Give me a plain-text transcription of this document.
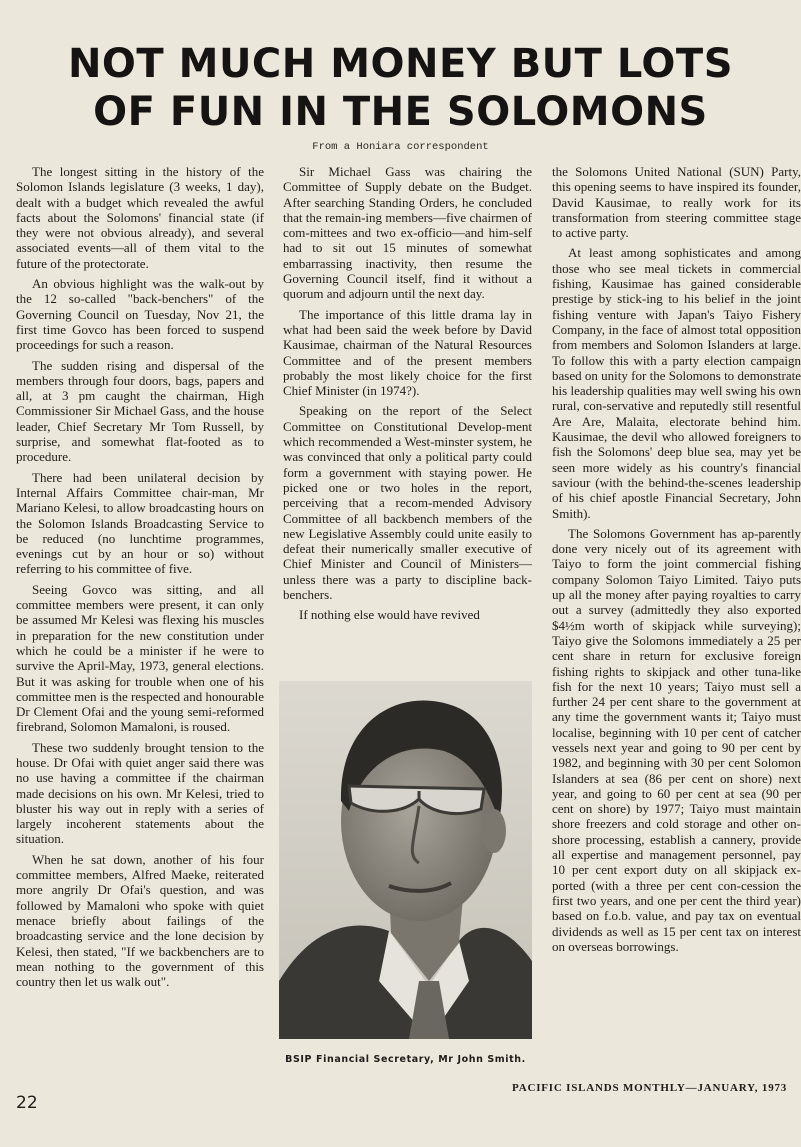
NOT MUCH MONEY BUT LOTS
OF FUN IN THE SOLOMONS
From a Honiara correspondent

The longest sitting in the history of the Solomon Islands legislature (3 weeks, 1 day), dealt with a budget which revealed the awful facts about the Solomons' financial state (if they were not obvious already), and several associated events—all of them vital to the future of the protectorate.

An obvious highlight was the walk-out by the 12 so-called "back-benchers" of the Governing Council on Tuesday, Nov 21, the first time Govco has been forced to suspend proceedings for such a reason.

The sudden rising and dispersal of the members through four doors, bags, papers and all, at 3 pm caught the chairman, High Commissioner Sir Michael Gass, and the house leader, Chief Secretary Mr Tom Russell, by surprise, and somewhat flat-footed as to procedure.

There had been unilateral decision by Internal Affairs Committee chair-man, Mr Mariano Kelesi, to allow broadcasting hours on the Solomon Islands Broadcasting Service to be reduced (no lunchtime programmes, evenings cut by an hour or so) without referring to his committee of five.

Seeing Govco was sitting, and all committee members were present, it can only be assumed Mr Kelesi was flexing his muscles in preparation for the new constitution under which he could be a minister if he were to survive the April-May, 1973, general elections. But it was asking for trouble when one of his committee men is the respected and honourable Dr Clement Ofai and the young semi-reformed firebrand, Solomon Mamaloni, is roused.

These two suddenly brought tension to the house. Dr Ofai with quiet anger said there was no use having a committee if the chairman made decisions on his own. Mr Kelesi, tried to bluster his way out in reply with a series of largely incoherent statements about the situation.

When he sat down, another of his four committee members, Alfred Maeke, reiterated more angrily Dr Ofai's question, and was followed by Mamaloni who spoke with quiet menace briefly about failings of the broadcasting service and the lone decision by Kelesi, then stated, "If we backbenchers are to mean nothing to the government of this country then let us walk out".

Sir Michael Gass was chairing the Committee of Supply debate on the Budget. After searching Standing Orders, he concluded that the remain-ing members—five chairmen of com-mittees and two ex-officio—and him-self had to sit out 15 minutes of somewhat embarrassing inactivity, then resume the Governing Council itself, find it without a quorum and adjourn until the next day.

The importance of this little drama lay in what had been said the week before by David Kausimae, chairman of the Natural Resources Committee and of the present members probably the most likely choice for the first Chief Minister (in 1974?).

Speaking on the report of the Select Committee on Constitutional Develop-ment which recommended a West-minster system, he was convinced that only a political party could form a government with staying power. He picked one or two holes in the report, perceiving that a recom-mended Advisory Committee of all backbench members of the new Legislative Assembly could unite easily to defeat their numerically smaller executive of Chief Minister and Council of Ministers—unless there was a party to discipline back-benchers.

If nothing else would have revived

BSIP Financial Secretary, Mr John Smith.

the Solomons United National (SUN) Party, this opening seems to have inspired its founder, David Kausimae, to really work for its transformation from steering committee stage to active party.

At least among sophisticates and among those who see meal tickets in commercial fishing, Kausimae has gained considerable prestige by stick-ing to his belief in the joint fishing venture with Japan's Taiyo Fishery Company, in the face of almost total opposition from members and Solomon Islanders at large. To follow this with a party election campaign based on unity for the Solomons to demonstrate his leadership qualities may well swing his own rural, con-servative and reputedly still resentful Are Are, Malaita, electorate behind him. Kausimae, the devil who allowed foreigners to fish the Solomons' deep blue sea, may yet be seen more widely as his country's financial saviour (with the behind-the-scenes leadership of his chief apostle Financial Secretary, John Smith).

The Solomons Government has ap-parently done very nicely out of its agreement with Taiyo to form the joint commercial fishing company Solomon Taiyo Limited. Taiyo puts up all the money after paying royalties to carry out a survey (admittedly they also exported $4½m worth of skipjack while surveying); Taiyo give the Solomons immediately a 25 per cent share in return for exclusive foreign fishing rights to skipjack and other tuna-like fish for the next 10 years; Taiyo must sell a further 24 per cent share to the government at any time the government wants it; Taiyo must localise, beginning with 10 per cent of catcher vessels next year and going to 90 per cent by 1982, and beginning with 30 per cent Solomon Islanders at sea (86 per cent on shore) next year, and going to 60 per cent at sea (90 per cent on shore) by 1977; Taiyo must maintain shore freezers and cold storage and other on-shore processing, establish a cannery, provide all expertise and management personnel, pay 10 per cent export duty on all skipjack ex-ported (with a three per cent con-cession the first two years, and one per cent the third year) based on f.o.b. value, and pay tax on eventual dividends as well as 15 per cent tax on interest on overseas borrowings.

PACIFIC ISLANDS MONTHLY—JANUARY, 1973
22
